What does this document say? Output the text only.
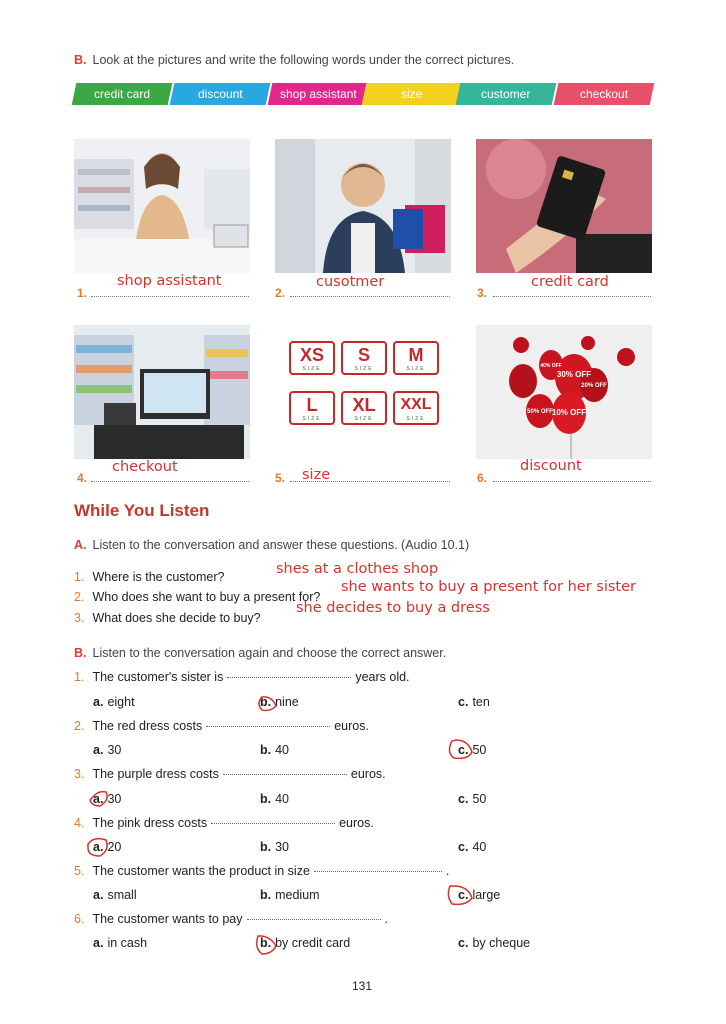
B. Look at the pictures and write the following words under the correct pictures.
credit card	discount	shop assistant	size	customer	checkout
1.
shop assistant
2.
cusotmer
3.
credit card
4.
checkout
XS
SIZE
S
SIZE
M
SIZE
L
SIZE
XL
SIZE
XXL
SIZE
5. size
30% OFF
20% OFF
10% OFF
50% OFF
40% OFF
6.
discount
While You Listen
A. Listen to the conversation and answer these questions. (Audio 10.1)
1. Where is the customer?
2. Who does she want to buy a present for?
3. What does she decide to buy?
shes at a clothes shop
she wants to buy a present for her sister
she decides to buy a dress
B. Listen to the conversation again and choose the correct answer.
1. The customer's sister is	years old.
a. eight	b. nine	c. ten
2. The red dress costs	euros.
a. 30	b. 40	c. 50
3. The purple dress costs	euros.
a. 30	b. 40	c. 50
4. The pink dress costs	euros.
a. 20	b. 30	c. 40
5. The customer wants the product in size	.
a. small	b. medium	c. large
6. The customer wants to pay	.
a. in cash	b. by credit card	c. by cheque
131
